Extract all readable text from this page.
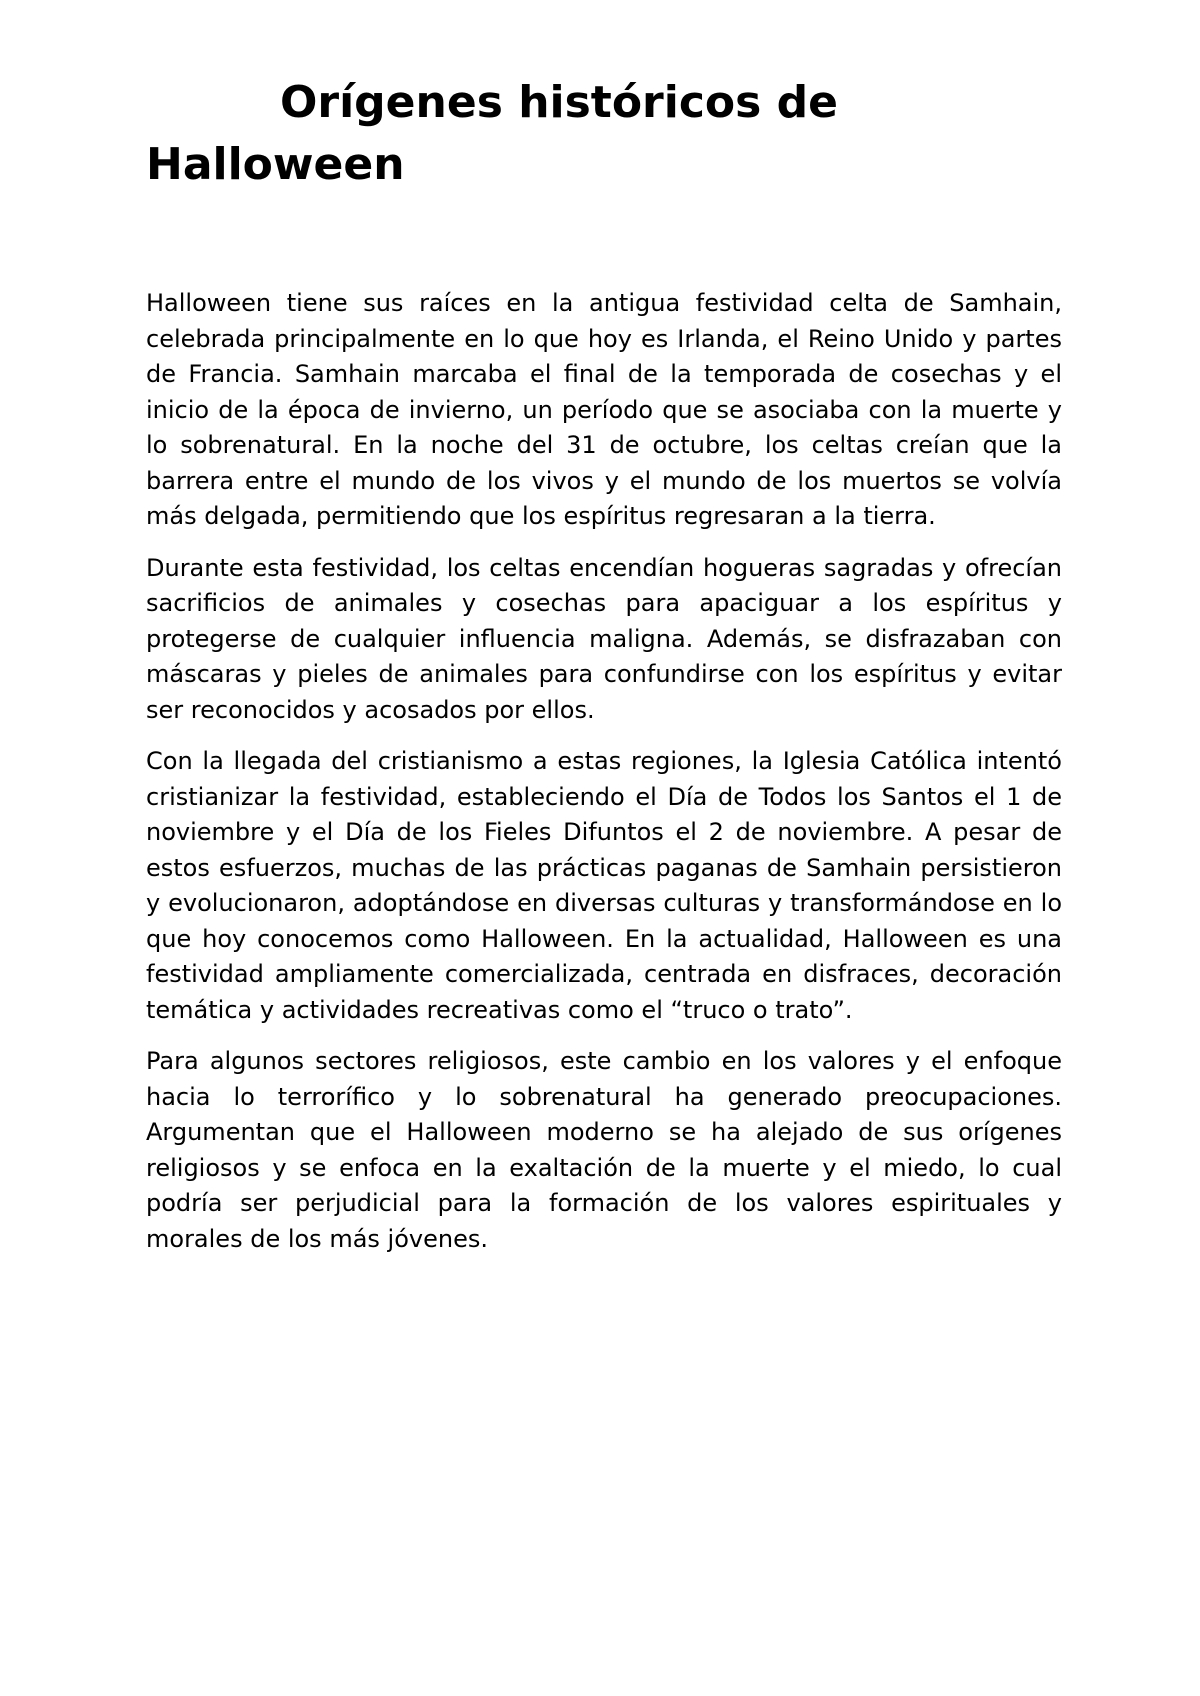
Orígenes históricos de Halloween

Halloween tiene sus raíces en la antigua festividad celta de Samhain, celebrada principalmente en lo que hoy es Irlanda, el Reino Unido y partes de Francia. Samhain marcaba el final de la temporada de cosechas y el inicio de la época de invierno, un período que se asociaba con la muerte y lo sobrenatural. En la noche del 31 de octubre, los celtas creían que la barrera entre el mundo de los vivos y el mundo de los muertos se volvía más delgada, permitiendo que los espíritus regresaran a la tierra.

Durante esta festividad, los celtas encendían hogueras sagradas y ofrecían sacrificios de animales y cosechas para apaciguar a los espíritus y protegerse de cualquier influencia maligna. Además, se disfrazaban con máscaras y pieles de animales para confundirse con los espíritus y evitar ser reconocidos y acosados por ellos.

Con la llegada del cristianismo a estas regiones, la Iglesia Católica intentó cristianizar la festividad, estableciendo el Día de Todos los Santos el 1 de noviembre y el Día de los Fieles Difuntos el 2 de noviembre. A pesar de estos esfuerzos, muchas de las prácticas paganas de Samhain persistieron y evolucionaron, adoptándose en diversas culturas y transformándose en lo que hoy conocemos como Halloween. En la actualidad, Halloween es una festividad ampliamente comercializada, centrada en disfraces, decoración temática y actividades recreativas como el “truco o trato”.

Para algunos sectores religiosos, este cambio en los valores y el enfoque hacia lo terrorífico y lo sobrenatural ha generado preocupaciones. Argumentan que el Halloween moderno se ha alejado de sus orígenes religiosos y se enfoca en la exaltación de la muerte y el miedo, lo cual podría ser perjudicial para la formación de los valores espirituales y morales de los más jóvenes.
